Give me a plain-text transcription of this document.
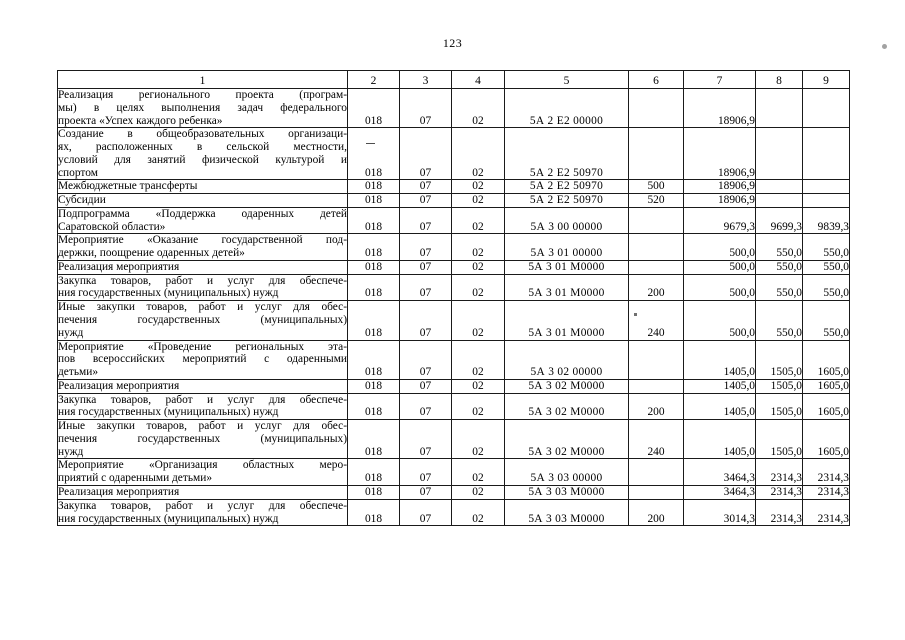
123
1	2	3	4	5	6	7	8	9

Реализация регионального проекта (програм-
мы) в целях выполнения задач федерального
проекта «Успех каждого ребенка»	018	07	02	5А 2 Е2 00000		18906,9		

Создание в общеобразовательных организаци-
ях, расположенных в сельской местности,
условий для занятий физической культурой и
спортом	018	07	02	5А 2 Е2 50970		18906,9		

Межбюджетные трансферты	018	07	02	5А 2 Е2 50970	500	18906,9		

Субсидии	018	07	02	5А 2 Е2 50970	520	18906,9		

Подпрограмма «Поддержка одаренных детей
Саратовской области»	018	07	02	5А 3 00 00000		9679,3	9699,3	9839,3

Мероприятие «Оказание государственной под-
держки, поощрение одаренных детей»	018	07	02	5А 3 01 00000		500,0	550,0	550,0

Реализация мероприятия	018	07	02	5А 3 01 M0000		500,0	550,0	550,0

Закупка товаров, работ и услуг для обеспече-
ния государственных (муниципальных) нужд	018	07	02	5А 3 01 M0000	200	500,0	550,0	550,0

Иные закупки товаров, работ и услуг для обес-
печения государственных (муниципальных)
нужд	018	07	02	5А 3 01 M0000	240	500,0	550,0	550,0

Мероприятие «Проведение региональных эта-
пов всероссийских мероприятий с одаренными
детьми»	018	07	02	5А 3 02 00000		1405,0	1505,0	1605,0

Реализация мероприятия	018	07	02	5А 3 02 M0000		1405,0	1505,0	1605,0

Закупка товаров, работ и услуг для обеспече-
ния государственных (муниципальных) нужд	018	07	02	5А 3 02 M0000	200	1405,0	1505,0	1605,0

Иные закупки товаров, работ и услуг для обес-
печения государственных (муниципальных)
нужд	018	07	02	5А 3 02 M0000	240	1405,0	1505,0	1605,0

Мероприятие «Организация областных меро-
приятий с одаренными детьми»	018	07	02	5А 3 03 00000		3464,3	2314,3	2314,3

Реализация мероприятия	018	07	02	5А 3 03 M0000		3464,3	2314,3	2314,3

Закупка товаров, работ и услуг для обеспече-
ния государственных (муниципальных) нужд	018	07	02	5А 3 03 M0000	200	3014,3	2314,3	2314,3
